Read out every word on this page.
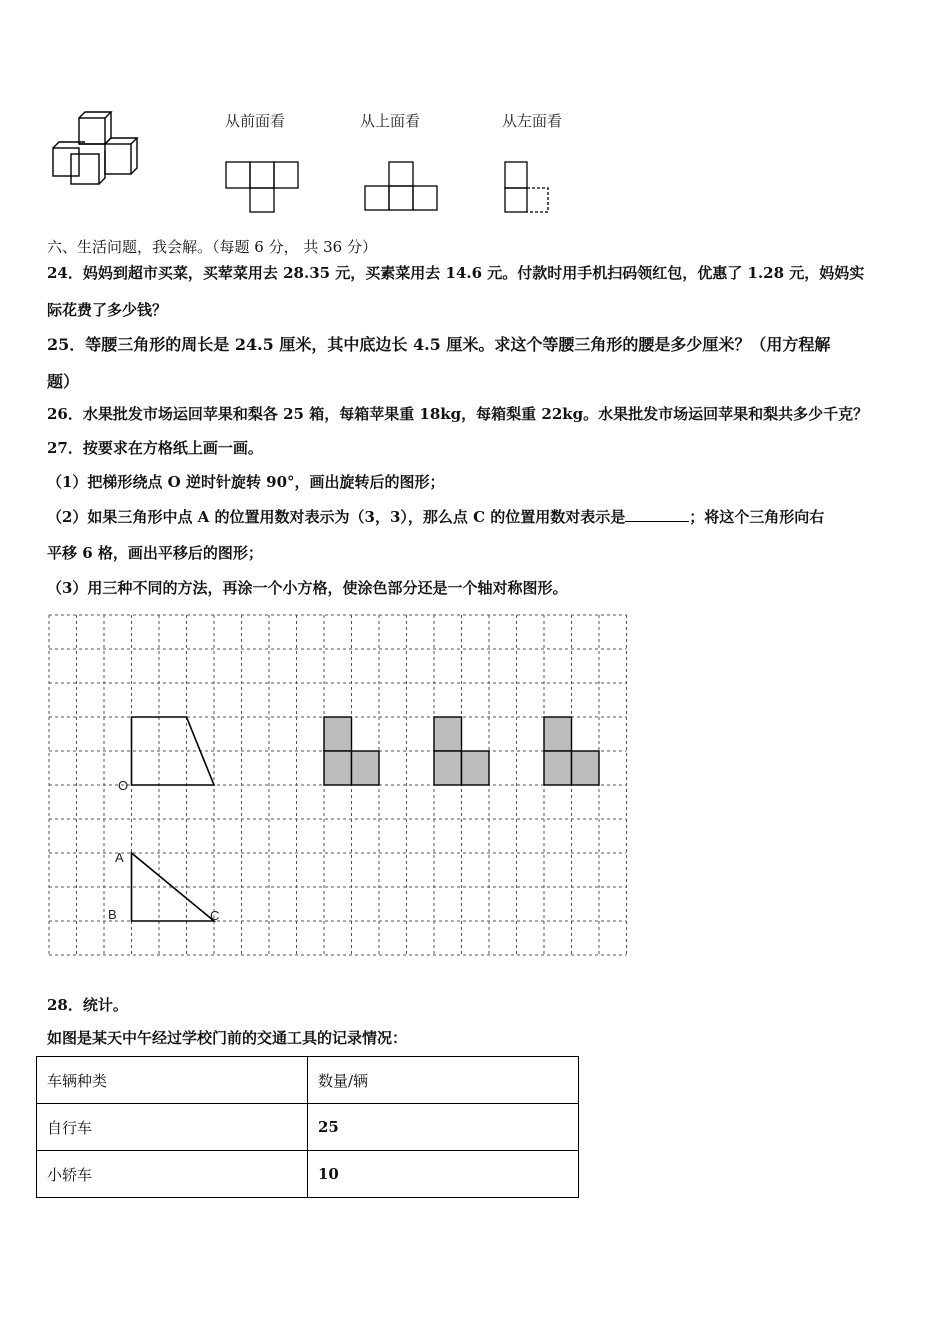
从前面看	从上面看	从左面看
六、生活问题，我会解。（每题 6 分， 共 36 分）
24．妈妈到超市买菜，买荤菜用去 28.35 元，买素菜用去 14.6 元。付款时用手机扫码领红包，优惠了 1.28 元，妈妈实
际花费了多少钱？
25．等腰三角形的周长是 24.5 厘米，其中底边长 4.5 厘米。求这个等腰三角形的腰是多少厘米？（用方程解
题）
26．水果批发市场运回苹果和梨各 25 箱，每箱苹果重 18kg，每箱梨重 22kg。水果批发市场运回苹果和梨共多少千克？
27．按要求在方格纸上画一画。
（1）把梯形绕点 O 逆时针旋转 90°，画出旋转后的图形；
（2）如果三角形中点 A 的位置用数对表示为（3，3），那么点 C 的位置用数对表示是	；将这个三角形向右
平移 6 格，画出平移后的图形；
（3）用三种不同的方法，再涂一个小方格，使涂色部分还是一个轴对称图形。
O
A
B	C
28．统计。
如图是某天中午经过学校门前的交通工具的记录情况：
车辆种类	数量/辆
自行车	25
小轿车	10
